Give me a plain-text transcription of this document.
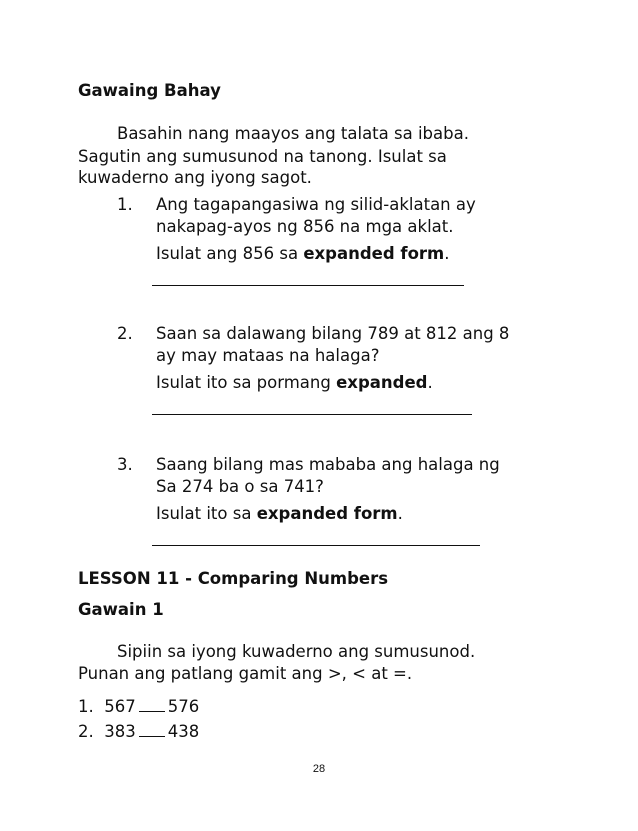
Gawaing Bahay
Basahin nang maayos ang talata sa ibaba.
Sagutin ang sumusunod na tanong. Isulat sa
kuwaderno ang iyong sagot.
1. Ang tagapangasiwa ng silid-aklatan ay
nakapag-ayos ng 856 na mga aklat.
Isulat ang 856 sa expanded form.
2. Saan sa dalawang bilang 789 at 812 ang 8
ay may mataas na halaga?
Isulat ito sa pormang expanded.
3. Saang bilang mas mababa ang halaga ng
Sa 274 ba o sa 741?
Isulat ito sa expanded form.
LESSON 11 - Comparing Numbers
Gawain 1
Sipiin sa iyong kuwaderno ang sumusunod.
Punan ang patlang gamit ang >, < at =.
1. 567 576
2. 383 438
28
